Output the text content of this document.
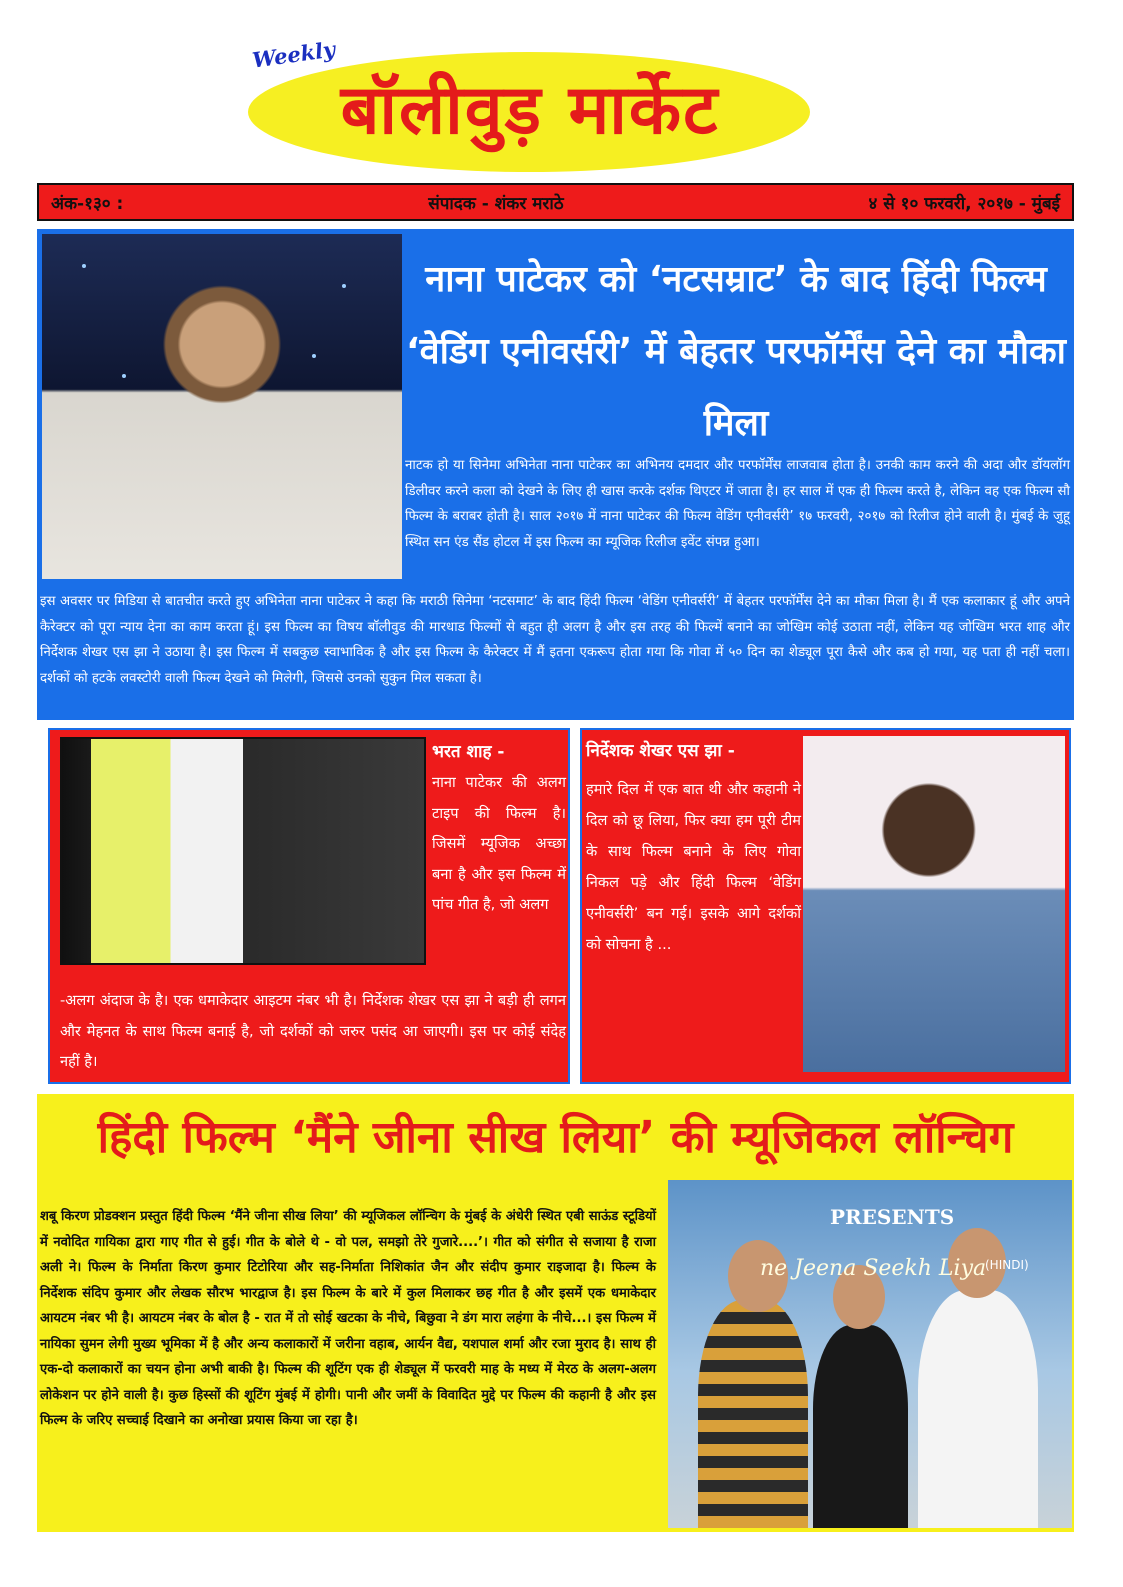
Weekly
बॉलीवुड़ मार्केट
अंक-१३० :	संपादक - शंकर मराठे	४ से १० फरवरी, २०१७ - मुंबई
नाना पाटेकर को ‘नटसम्राट’ के बाद हिंदी फिल्म ‘वेडिंग एनीवर्सरी’ में बेहतर परफॉर्मेंस देने का मौका मिला
नाटक हो या सिनेमा अभिनेता नाना पाटेकर का अभिनय दमदार और परफॉर्मेंस लाजवाब होता है। उनकी काम करने की अदा और डॉयलॉग डिलीवर करने कला को देखने के लिए ही खास करके दर्शक थिएटर में जाता है। हर साल में एक ही फिल्म करते है, लेकिन वह एक फिल्म सौ फिल्म के बराबर होती है। साल २०१७ में नाना पाटेकर की फिल्म वेडिंग एनीवर्सरी’ १७ फरवरी, २०१७ को रिलीज होने वाली है। मुंबई के जुहू स्थित सन एंड सैंड होटल में इस फिल्म का म्यूजिक रिलीज इवेंट संपन्न हुआ।
इस अवसर पर मिडिया से बातचीत करते हुए अभिनेता नाना पाटेकर ने कहा कि मराठी सिनेमा ‘नटसमाट’ के बाद हिंदी फिल्म ‘वेडिंग एनीवर्सरी’ में बेहतर परफॉर्मेंस देने का मौका मिला है। मैं एक कलाकार हूं और अपने कैरेक्टर को पूरा न्याय देना का काम करता हूं। इस फिल्म का विषय बॉलीवुड की मारधाड फिल्मों से बहुत ही अलग है और इस तरह की फिल्में बनाने का जोखिम कोई उठाता नहीं, लेकिन यह जोखिम भरत शाह और निर्देशक शेखर एस झा ने उठाया है। इस फिल्म में सबकुछ स्वाभाविक है और इस फिल्म के कैरेक्टर में मैं इतना एकरूप होता गया कि गोवा में ५० दिन का शेड्यूल पूरा कैसे और कब हो गया, यह पता ही नहीं चला। दर्शकों को हटके लवस्टोरी वाली फिल्म देखने को मिलेगी, जिससे उनको सुकुन मिल सकता है।
भरत शाह -
नाना पाटेकर की अलग टाइप की फिल्म है। जिसमें म्यूजिक अच्छा बना है और इस फिल्म में पांच गीत है, जो अलग
-अलग अंदाज के है। एक धमाकेदार आइटम नंबर भी है। निर्देशक शेखर एस झा ने बड़ी ही लगन और मेहनत के साथ फिल्म बनाई है, जो दर्शकों को जरुर पसंद आ जाएगी। इस पर कोई संदेह नहीं है।
निर्देशक शेखर एस झा -
हमारे दिल में एक बात थी और कहानी ने दिल को छू लिया, फिर क्या हम पूरी टीम के साथ फिल्म बनाने के लिए गोवा निकल पड़े और हिंदी फिल्म ‘वेडिंग एनीवर्सरी’ बन गई। इसके आगे दर्शकों को सोचना है ...
हिंदी फिल्म ‘मैंने जीना सीख लिया’ की म्यूजिकल लॉन्चिग
शबू किरण प्रोडक्शन प्रस्तुत हिंदी फिल्म ‘मैंने जीना सीख लिया’ की म्यूजिकल लॉन्चिग के मुंबई के अंधेरी स्थित एबी साऊंड स्टूडियों में नवोदित गायिका द्वारा गाए गीत से हुई। गीत के बोले थे - वो पल, समझो तेरे गुजारे....’। गीत को संगीत से सजाया है राजा अली ने। फिल्म के निर्माता किरण कुमार टिटोरिया और सह-निर्माता निशिकांत जैन और संदीप कुमार राइजादा है। फिल्म के निर्देशक संदिप कुमार और लेखक सौरभ भारद्वाज है। इस फिल्म के बारे में कुल मिलाकर छह गीत है और इसमें एक धमाकेदार आयटम नंबर भी है। आयटम नंबर के बोल है - रात में तो सोई खटका के नीचे, बिछुवा ने डंग मारा लहंगा के नीचे...। इस फिल्म में नायिका सुमन लेगी मुख्य भूमिका में है और अन्य कलाकारों में जरीना वहाब, आर्यन वैद्य, यशपाल शर्मा और रजा मुराद है। साथ ही एक-दो कलाकारों का चयन होना अभी बाकी है। फिल्म की शूटिंग एक ही शेड्यूल में फरवरी माह के मध्य में मेरठ के अलग-अलग लोकेशन पर होने वाली है। कुछ हिस्सों की शूटिंग मुंबई में होगी। पानी और जमीं के विवादित मुद्दे पर फिल्म की कहानी है और इस फिल्म के जरिए सच्चाई दिखाने का अनोखा प्रयास किया जा रहा है।
PRESENTS
ne Jeena Seekh Liya
(HINDI)
